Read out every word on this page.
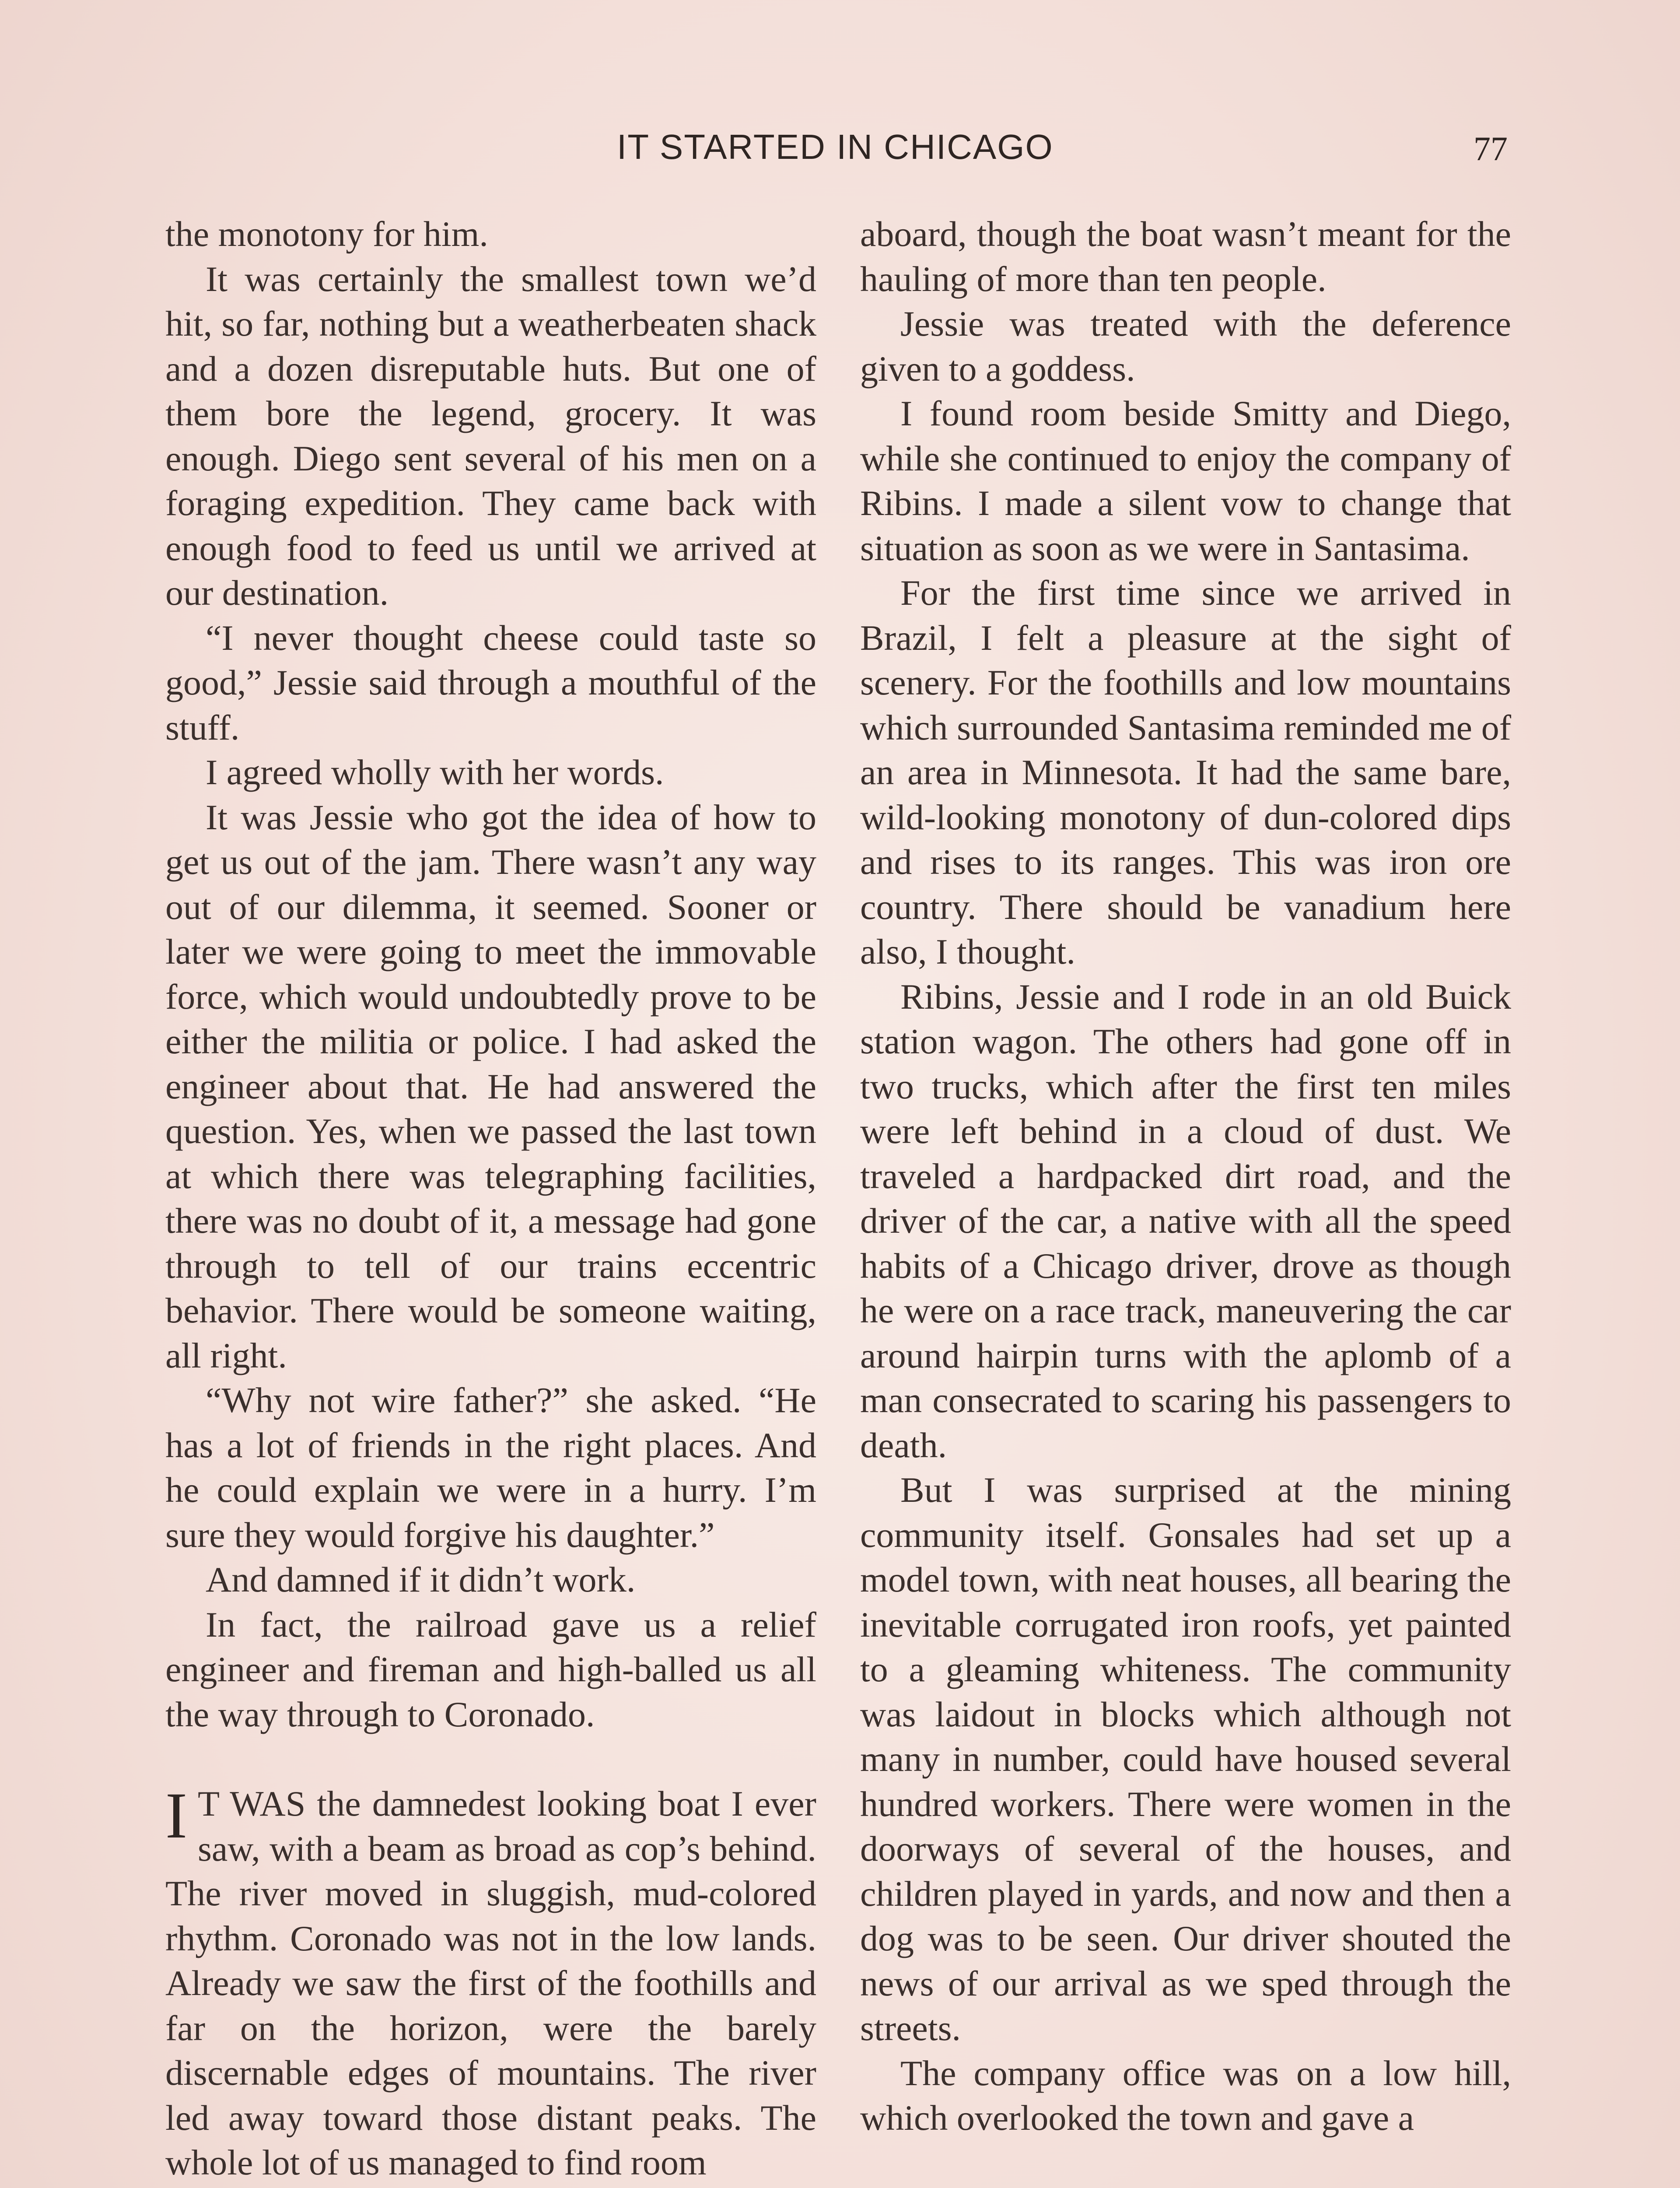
IT STARTED IN CHICAGO	77

the monotony for him.

It was certainly the smallest town we’d hit, so far, nothing but a weatherbeaten shack and a dozen disreputable huts. But one of them bore the legend, grocery. It was enough. Diego sent several of his men on a foraging expedition. They came back with enough food to feed us until we arrived at our destination.

“I never thought cheese could taste so good,” Jessie said through a mouthful of the stuff.

I agreed wholly with her words.

It was Jessie who got the idea of how to get us out of the jam. There wasn’t any way out of our dilemma, it seemed. Sooner or later we were going to meet the immovable force, which would undoubtedly prove to be either the militia or police. I had asked the engineer about that. He had answered the question. Yes, when we passed the last town at which there was telegraphing facilities, there was no doubt of it, a message had gone through to tell of our trains eccentric behavior. There would be someone waiting, all right.

“Why not wire father?” she asked. “He has a lot of friends in the right places. And he could explain we were in a hurry. I’m sure they would forgive his daughter.”

And damned if it didn’t work.

In fact, the railroad gave us a relief engineer and fireman and high-balled us all the way through to Coronado.

I T WAS the damnedest looking boat I ever saw, with a beam as broad as cop’s behind. The river moved in sluggish, mud-colored rhythm. Coronado was not in the low lands. Already we saw the first of the foothills and far on the horizon, were the barely discernable edges of mountains. The river led away toward those distant peaks. The whole lot of us managed to find room

aboard, though the boat wasn’t meant for the hauling of more than ten people.

Jessie was treated with the deference given to a goddess.

I found room beside Smitty and Diego, while she continued to enjoy the company of Ribins. I made a silent vow to change that situation as soon as we were in Santasima.

For the first time since we arrived in Brazil, I felt a pleasure at the sight of scenery. For the foothills and low mountains which surrounded Santasima reminded me of an area in Minnesota. It had the same bare, wild-looking monotony of dun-colored dips and rises to its ranges. This was iron ore country. There should be vanadium here also, I thought.

Ribins, Jessie and I rode in an old Buick station wagon. The others had gone off in two trucks, which after the first ten miles were left behind in a cloud of dust. We traveled a hardpacked dirt road, and the driver of the car, a native with all the speed habits of a Chicago driver, drove as though he were on a race track, maneuvering the car around hairpin turns with the aplomb of a man consecrated to scaring his passengers to death.

But I was surprised at the mining community itself. Gonsales had set up a model town, with neat houses, all bearing the inevitable corrugated iron roofs, yet painted to a gleaming whiteness. The community was laidout in blocks which although not many in number, could have housed several hundred workers. There were women in the doorways of several of the houses, and children played in yards, and now and then a dog was to be seen. Our driver shouted the news of our arrival as we sped through the streets.

The company office was on a low hill, which overlooked the town and gave a
